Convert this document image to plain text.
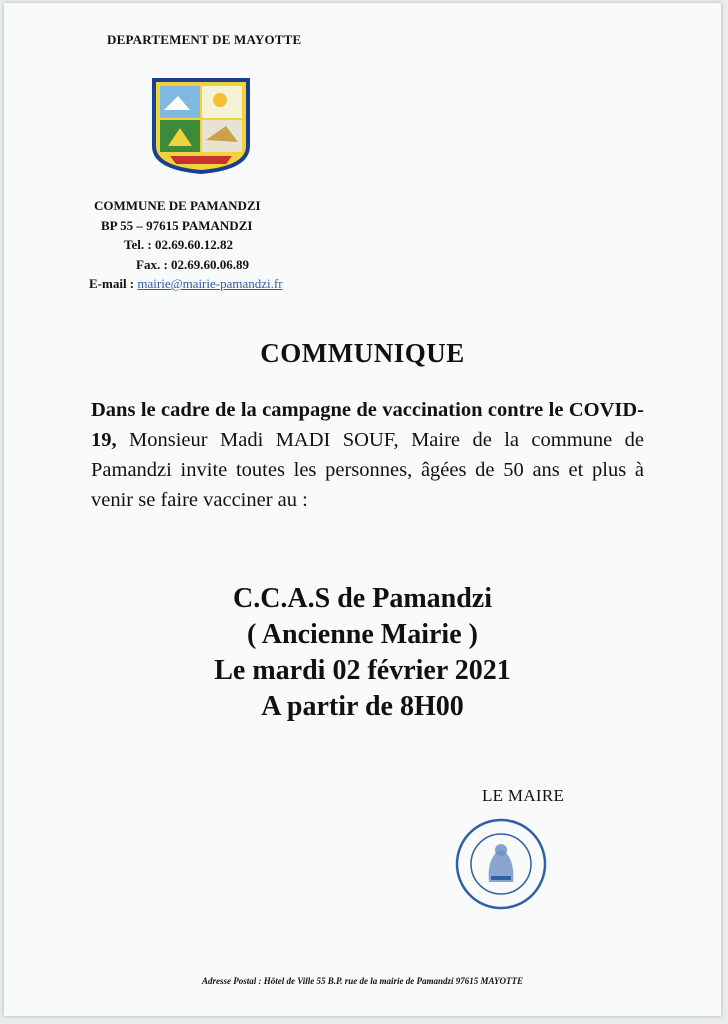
DEPARTEMENT DE MAYOTTE
COMMUNE DE PAMANDZI
BP 55 – 97615 PAMANDZI
Tel. : 02.69.60.12.82
Fax. : 02.69.60.06.89
E-mail : mairie@mairie-pamandzi.fr
COMMUNIQUE
Dans le cadre de la campagne de vaccination contre le COVID-19, Monsieur Madi MADI SOUF, Maire de la commune de Pamandzi invite toutes les personnes, âgées de 50 ans et plus à venir se faire vacciner au :
C.C.A.S de Pamandzi
( Ancienne Mairie )
Le mardi 02 février 2021
A partir de 8H00
LE MAIRE
Adresse Postal : Hôtel de Ville 55 B.P. rue de la mairie de Pamandzi 97615 MAYOTTE
